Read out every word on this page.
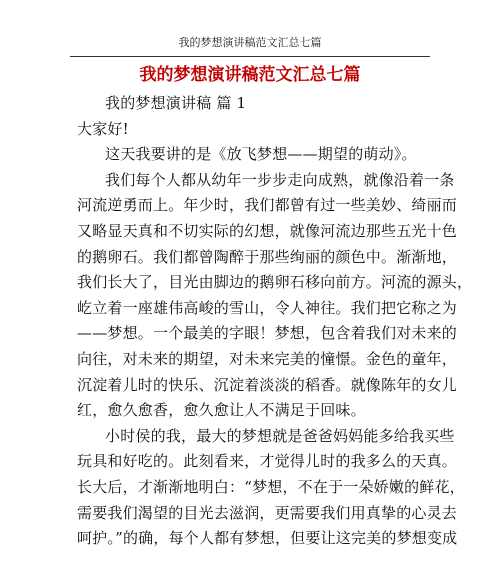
我的梦想演讲稿范文汇总七篇
我的梦想演讲稿范文汇总七篇
我的梦想演讲稿 篇 1
大家好!
这天我要讲的是《放飞梦想——期望的萌动》。
我们每个人都从幼年一步步走向成熟，就像沿着一条
河流逆勇而上。年少时，我们都曾有过一些美妙、绮丽而
又略显天真和不切实际的幻想，就像河流边那些五光十色
的鹅卵石。我们都曾陶醉于那些绚丽的颜色中。渐渐地，
我们长大了，目光由脚边的鹅卵石移向前方。河流的源头，
屹立着一座雄伟高峻的雪山，令人神往。我们把它称之为
——梦想。一个最美的字眼！梦想，包含着我们对未来的
向往，对未来的期望，对未来完美的憧憬。金色的童年，
沉淀着儿时的快乐、沉淀着淡淡的稻香。就像陈年的女儿
红，愈久愈香，愈久愈让人不满足于回味。
小时侯的我，最大的梦想就是爸爸妈妈能多给我买些
玩具和好吃的。此刻看来，才觉得儿时的我多么的天真。
长大后，才渐渐地明白：“梦想，不在于一朵娇嫩的鲜花，
需要我们渴望的目光去滋润，更需要我们用真挚的心灵去
呵护。”的确，每个人都有梦想，但要让这完美的梦想变成
